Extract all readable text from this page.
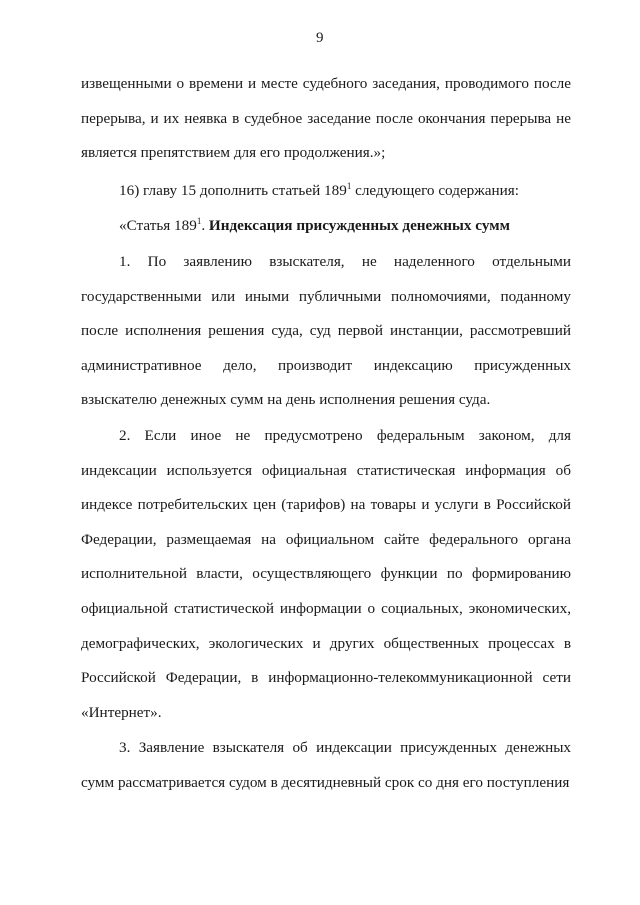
9

извещенными о времени и месте судебного заседания, проводимого после перерыва, и их неявка в судебное заседание после окончания перерыва не является препятствием для его продолжения.»;

16) главу 15 дополнить статьей $189^1$ следующего содержания:

«Статья $189^1$. Индексация присужденных денежных сумм

1. По заявлению взыскателя, не наделенного отдельными государственными или иными публичными полномочиями, поданному после исполнения решения суда, суд первой инстанции, рассмотревший административное дело, производит индексацию присужденных взыскателю денежных сумм на день исполнения решения суда.

2. Если иное не предусмотрено федеральным законом, для индексации используется официальная статистическая информация об индексе потребительских цен (тарифов) на товары и услуги в Российской Федерации, размещаемая на официальном сайте федерального органа исполнительной власти, осуществляющего функции по формированию официальной статистической информации о социальных, экономических, демографических, экологических и других общественных процессах в Российской Федерации, в информационно-телекоммуникационной сети «Интернет».

3. Заявление взыскателя об индексации присужденных денежных сумм рассматривается судом в десятидневный срок со дня его поступления
